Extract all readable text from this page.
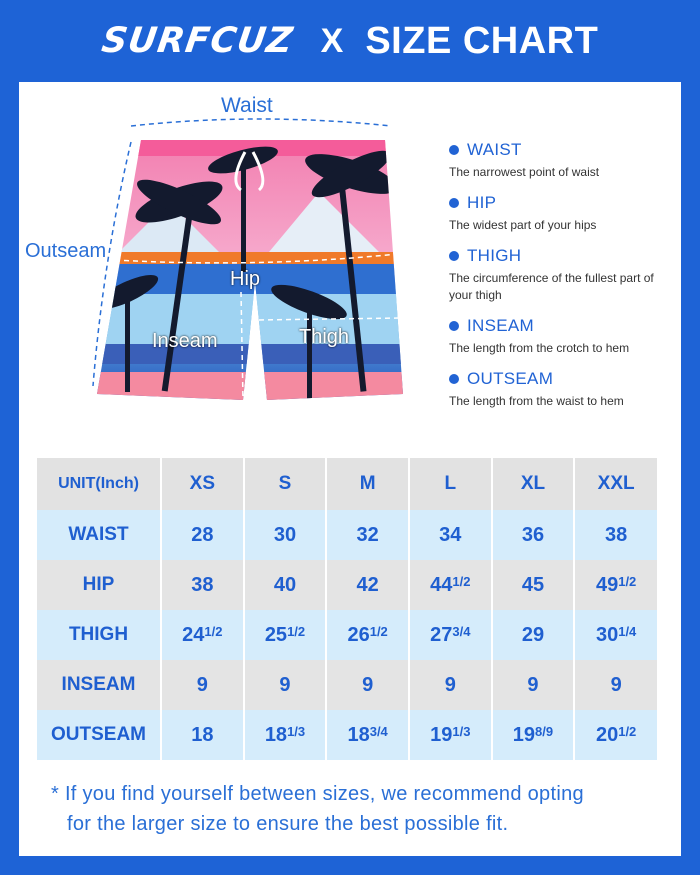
SURFCUZ X SIZE CHART
Waist
Outseam
Hip
Inseam	Thigh
WAIST
The narrowest point of waist
HIP
The widest part of your hips
THIGH
The circumference of the fullest part of your thigh
INSEAM
The length from the crotch to hem
OUTSEAM
The length from the waist to hem
UNIT(Inch)	XS	S	M	L	XL	XXL
WAIST	28	30	32	34	36	38
HIP	38	40	42	$44^{1/2}$	45	$49^{1/2}$
THIGH	$24^{1/2}$	$25^{1/2}$	$26^{1/2}$	$27^{3/4}$	29	$30^{1/4}$
INSEAM	9	9	9	9	9	9
OUTSEAM	18	$18^{1/3}$	$18^{3/4}$	$19^{1/3}$	$19^{8/9}$	$20^{1/2}$
* If you find yourself between sizes, we recommend opting
for the larger size to ensure the best possible fit.
